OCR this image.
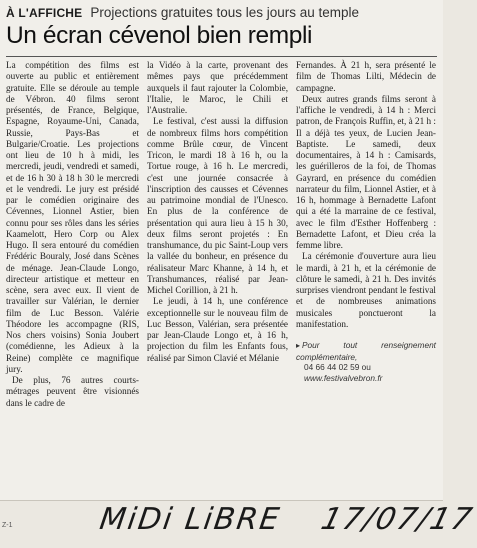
À L'AFFICHE Projections gratuites tous les jours au temple
Un écran cévenol bien rempli

La compétition des films est ouverte au public et entièrement gratuite. Elle se déroule au temple de Vébron. 40 films seront présentés, de France, Belgique, Espagne, Royaume-Uni, Canada, Russie, Pays-Bas et Bulgarie/Croatie. Les projections ont lieu de 10 h à midi, les mercredi, jeudi, vendredi et samedi, et de 16 h 30 à 18 h 30 le mercredi et le vendredi. Le jury est présidé par le comédien originaire des Cévennes, Lionnel Astier, bien connu pour ses rôles dans les séries Kaamelott, Hero Corp ou Alex Hugo. Il sera entouré du comédien Frédéric Bouraly, José dans Scènes de ménage. Jean-Claude Longo, directeur artistique et metteur en scène, sera avec eux. Il vient de travailler sur Valérian, le dernier film de Luc Besson. Valérie Théodore les accompagne (RIS, Nos chers voisins) Sonia Joubert (comédienne, les Adieux à la Reine) complète ce magnifique jury.

De plus, 76 autres courts-métrages peuvent être visionnés dans le cadre de

la Vidéo à la carte, provenant des mêmes pays que précédemment auxquels il faut rajouter la Colombie, l'Italie, le Maroc, le Chili et l'Australie.

Le festival, c'est aussi la diffusion de nombreux films hors compétition comme Brûle cœur, de Vincent Tricon, le mardi 18 à 16 h, ou la Tortue rouge, à 16 h. Le mercredi, c'est une journée consacrée à l'inscription des causses et Cévennes au patrimoine mondial de l'Unesco. En plus de la conférence de présentation qui aura lieu à 15 h 30, deux films seront projetés : En transhumance, du pic Saint-Loup vers la vallée du bonheur, en présence du réalisateur Marc Khanne, à 14 h, et Transhumances, réalisé par Jean-Michel Corillion, à 21 h.

Le jeudi, à 14 h, une conférence exceptionnelle sur le nouveau film de Luc Besson, Valérian, sera présentée par Jean-Claude Longo et, à 16 h, projection du film les Enfants fous, réalisé par Simon Clavié et Mélanie

Fernandes. À 21 h, sera présenté le film de Thomas Lilti, Médecin de campagne.

Deux autres grands films seront à l'affiche le vendredi, à 14 h : Merci patron, de François Ruffin, et, à 21 h : Il a déjà tes yeux, de Lucien Jean-Baptiste. Le samedi, deux documentaires, à 14 h : Camisards, les guérilleros de la foi, de Thomas Gayrard, en présence du comédien narrateur du film, Lionnel Astier, et à 16 h, hommage à Bernadette Lafont qui a été la marraine de ce festival, avec le film d'Esther Hoffenberg : Bernadette Lafont, et Dieu créa la femme libre.

La cérémonie d'ouverture aura lieu le mardi, à 21 h, et la cérémonie de clôture le samedi, à 21 h. Des invités surprises viendront pendant le festival et de nombreuses animations musicales ponctueront la manifestation.

▸ Pour tout renseignement complémentaire,
04 66 44 02 59 ou
www.festivalvebron.fr
Z-1	MiDi LiBRE 17/07/17
